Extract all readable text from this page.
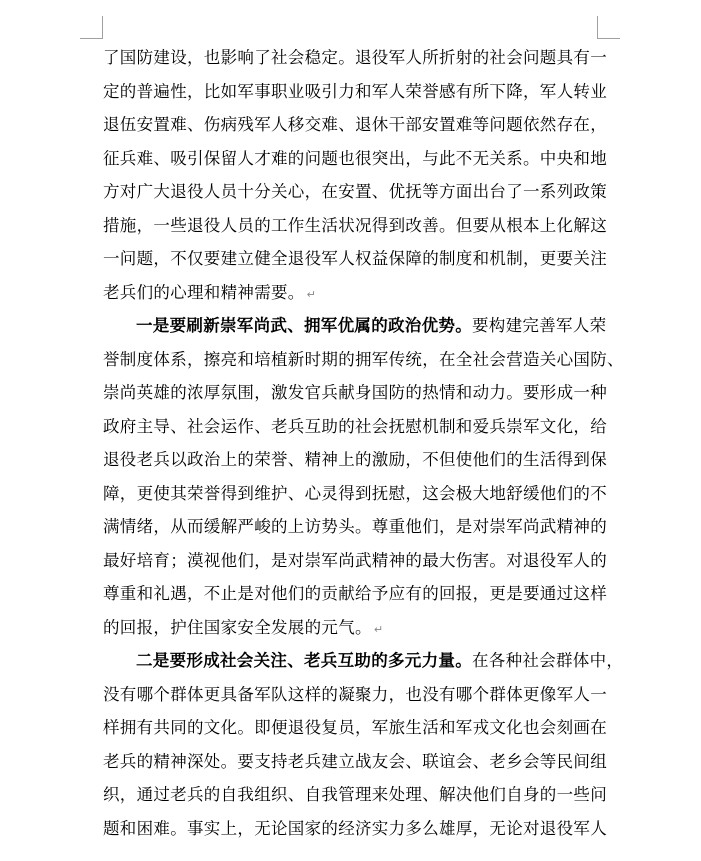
了国防建设，也影响了社会稳定。退役军人所折射的社会问题具有一
定的普遍性，比如军事职业吸引力和军人荣誉感有所下降，军人转业
退伍安置难、伤病残军人移交难、退休干部安置难等问题依然存在，
征兵难、吸引保留人才难的问题也很突出，与此不无关系。中央和地
方对广大退役人员十分关心，在安置、优抚等方面出台了一系列政策
措施，一些退役人员的工作生活状况得到改善。但要从根本上化解这
一问题，不仅要建立健全退役军人权益保障的制度和机制，更要关注
老兵们的心理和精神需要。 ↵
一是要刷新崇军尚武、拥军优属的政治优势。要构建完善军人荣
誉制度体系，擦亮和培植新时期的拥军传统，在全社会营造关心国防、
崇尚英雄的浓厚氛围，激发官兵献身国防的热情和动力。要形成一种
政府主导、社会运作、老兵互助的社会抚慰机制和爱兵崇军文化，给
退役老兵以政治上的荣誉、精神上的激励，不但使他们的生活得到保
障，更使其荣誉得到维护、心灵得到抚慰，这会极大地舒缓他们的不
满情绪，从而缓解严峻的上访势头。尊重他们，是对崇军尚武精神的
最好培育；漠视他们，是对崇军尚武精神的最大伤害。对退役军人的
尊重和礼遇，不止是对他们的贡献给予应有的回报，更是要通过这样
的回报，护住国家安全发展的元气。 ↵
二是要形成社会关注、老兵互助的多元力量。在各种社会群体中，
没有哪个群体更具备军队这样的凝聚力，也没有哪个群体更像军人一
样拥有共同的文化。即便退役复员，军旅生活和军戎文化也会刻画在
老兵的精神深处。要支持老兵建立战友会、联谊会、老乡会等民间组
织，通过老兵的自我组织、自我管理来处理、解决他们自身的一些问
题和困难。事实上，无论国家的经济实力多么雄厚，无论对退役军人
